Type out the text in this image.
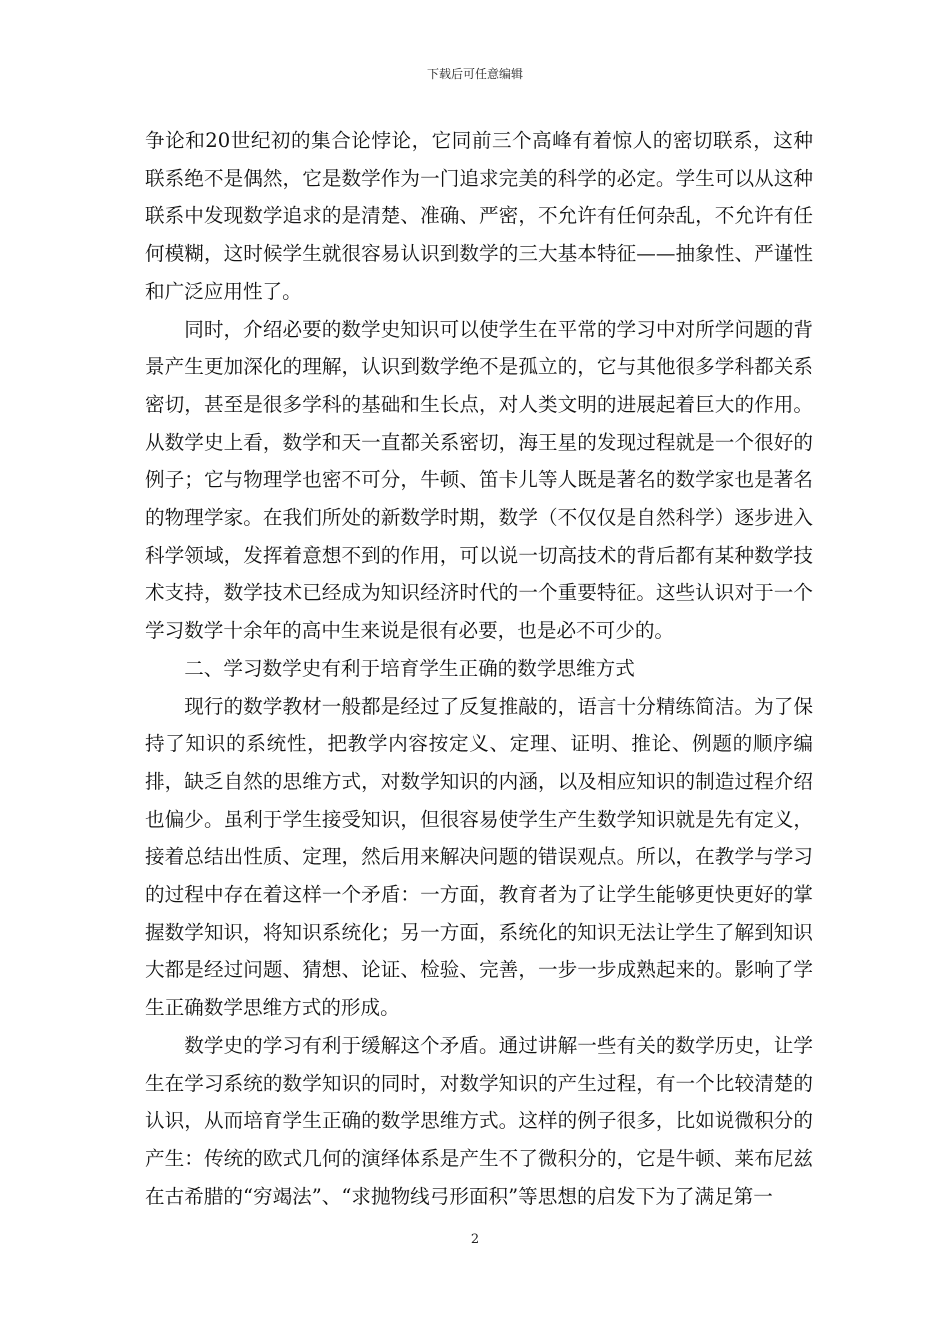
下载后可任意编辑

争论和20世纪初的集合论悖论，它同前三个高峰有着惊人的密切联系，这种联系绝不是偶然，它是数学作为一门追求完美的科学的必定。学生可以从这种联系中发现数学追求的是清楚、准确、严密，不允许有任何杂乱，不允许有任何模糊，这时候学生就很容易认识到数学的三大基本特征——抽象性、严谨性和广泛应用性了。

同时，介绍必要的数学史知识可以使学生在平常的学习中对所学问题的背景产生更加深化的理解，认识到数学绝不是孤立的，它与其他很多学科都关系密切，甚至是很多学科的基础和生长点，对人类文明的进展起着巨大的作用。从数学史上看，数学和天一直都关系密切，海王星的发现过程就是一个很好的例子；它与物理学也密不可分，牛顿、笛卡儿等人既是著名的数学家也是著名的物理学家。在我们所处的新数学时期，数学（不仅仅是自然科学）逐步进入科学领域，发挥着意想不到的作用，可以说一切高技术的背后都有某种数学技术支持，数学技术已经成为知识经济时代的一个重要特征。这些认识对于一个学习数学十余年的高中生来说是很有必要，也是必不可少的。

二、学习数学史有利于培育学生正确的数学思维方式

现行的数学教材一般都是经过了反复推敲的，语言十分精练简洁。为了保持了知识的系统性，把教学内容按定义、定理、证明、推论、例题的顺序编排，缺乏自然的思维方式，对数学知识的内涵，以及相应知识的制造过程介绍也偏少。虽利于学生接受知识，但很容易使学生产生数学知识就是先有定义，接着总结出性质、定理，然后用来解决问题的错误观点。所以，在教学与学习的过程中存在着这样一个矛盾：一方面，教育者为了让学生能够更快更好的掌握数学知识，将知识系统化；另一方面，系统化的知识无法让学生了解到知识大都是经过问题、猜想、论证、检验、完善，一步一步成熟起来的。影响了学生正确数学思维方式的形成。

数学史的学习有利于缓解这个矛盾。通过讲解一些有关的数学历史，让学生在学习系统的数学知识的同时，对数学知识的产生过程，有一个比较清楚的认识，从而培育学生正确的数学思维方式。这样的例子很多，比如说微积分的产生：传统的欧式几何的演绎体系是产生不了微积分的，它是牛顿、莱布尼兹在古希腊的“穷竭法”、“求抛物线弓形面积”等思想的启发下为了满足第一

2
